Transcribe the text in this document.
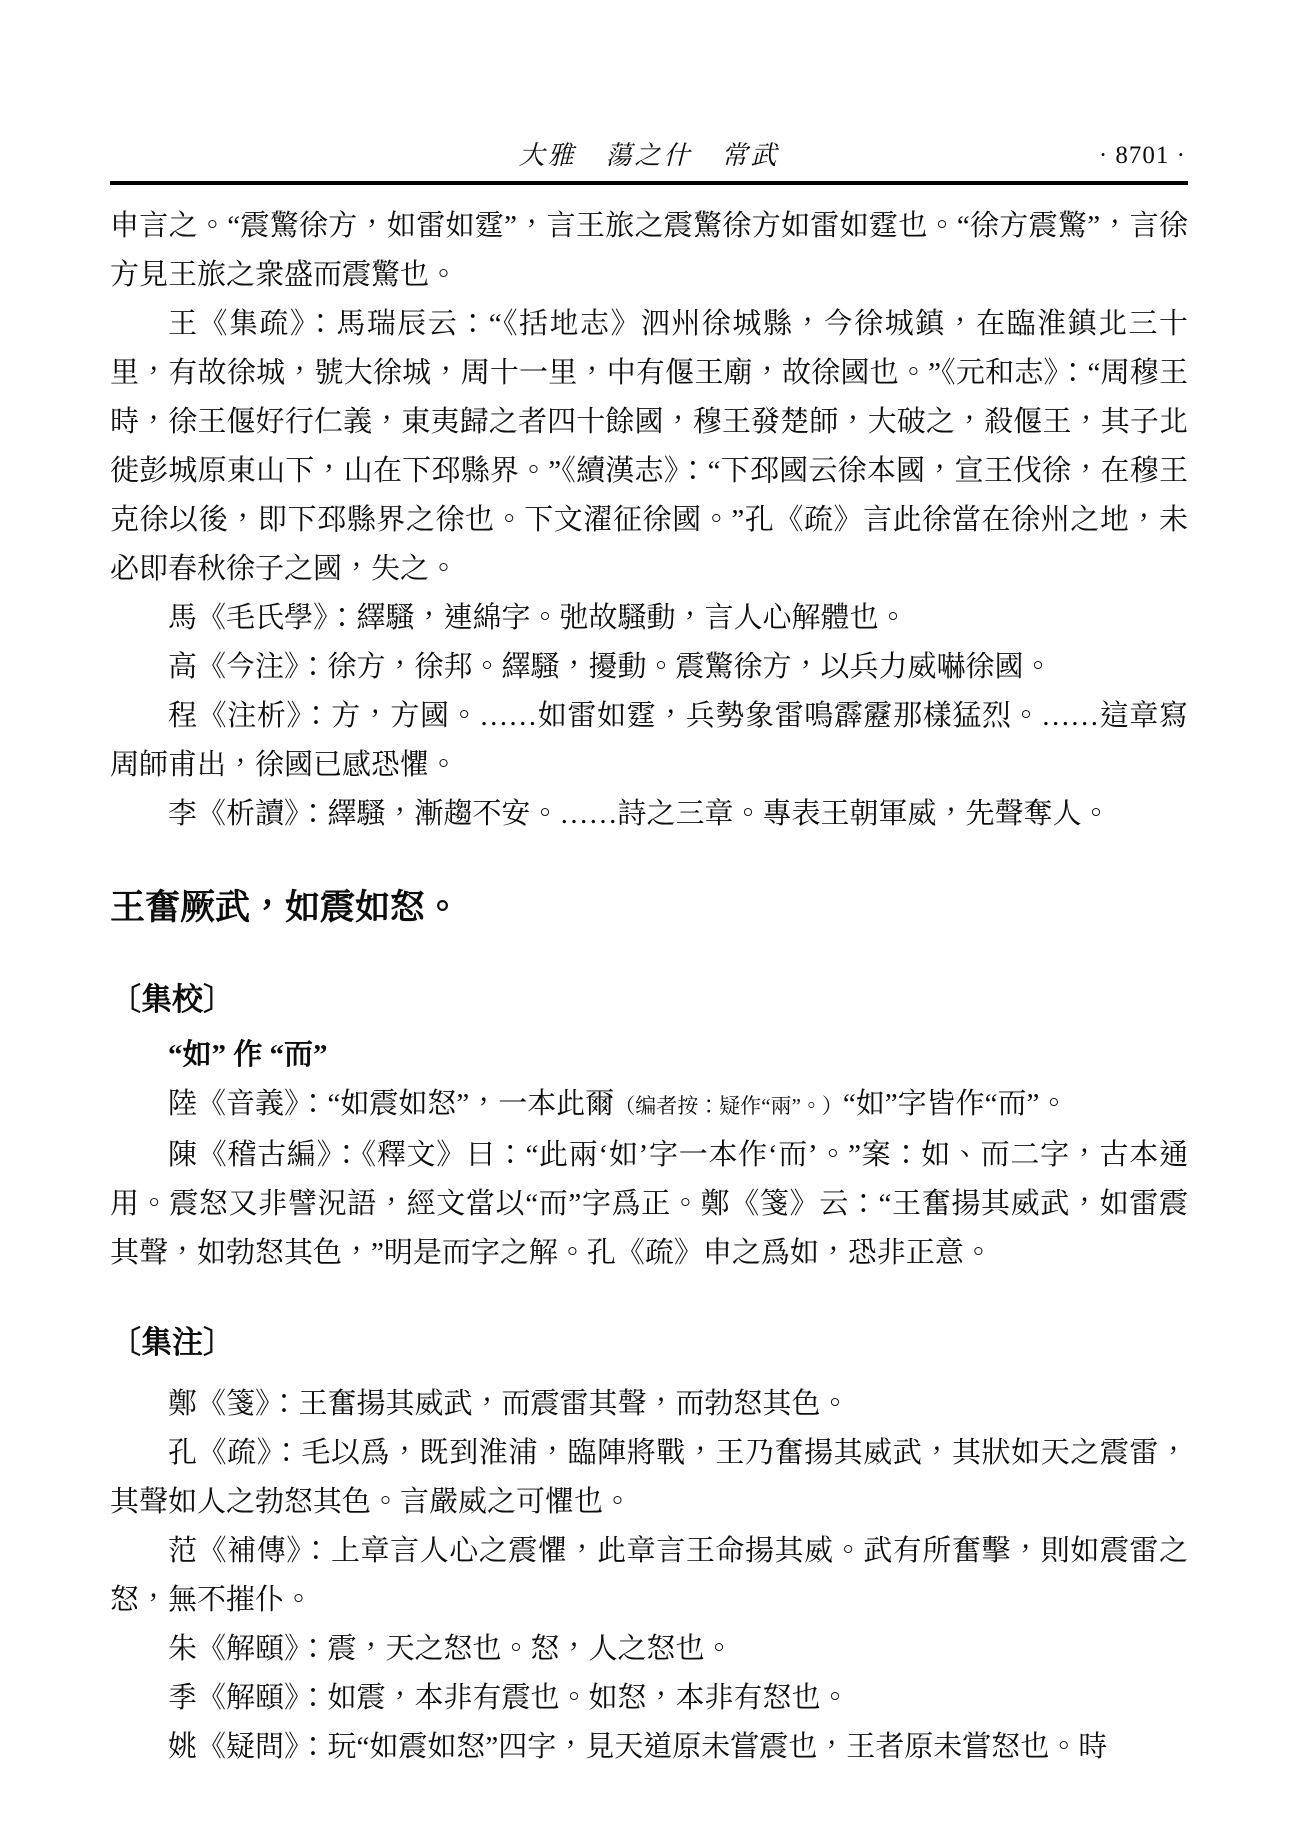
大雅　蕩之什　常武	· 8701 ·

申言之。“震驚徐方，如雷如霆”，言王旅之震驚徐方如雷如霆也。“徐方震驚”，言徐方見王旅之衆盛而震驚也。

王《集疏》：馬瑞辰云：“《括地志》泗州徐城縣，今徐城鎮，在臨淮鎮北三十里，有故徐城，號大徐城，周十一里，中有偃王廟，故徐國也。”《元和志》：“周穆王時，徐王偃好行仁義，東夷歸之者四十餘國，穆王發楚師，大破之，殺偃王，其子北徙彭城原東山下，山在下邳縣界。”《續漢志》：“下邳國云徐本國，宣王伐徐，在穆王克徐以後，即下邳縣界之徐也。下文濯征徐國。”孔《疏》言此徐當在徐州之地，未必即春秋徐子之國，失之。

馬《毛氏學》：繹騷，連綿字。弛故騷動，言人心解體也。

高《今注》：徐方，徐邦。繹騷，擾動。震驚徐方，以兵力威嚇徐國。

程《注析》：方，方國。……如雷如霆，兵勢象雷鳴霹靂那樣猛烈。……這章寫周師甫出，徐國已感恐懼。

李《析讀》：繹騷，漸趨不安。……詩之三章。專表王朝軍威，先聲奪人。

王奮厥武，如震如怒。
〔集校〕

“如” 作 “而”

陸《音義》：“如震如怒”，一本此爾（编者按：疑作“兩”。）“如”字皆作“而”。

陳《稽古編》：《釋文》曰：“此兩‘如’字一本作‘而’。”案：如、而二字，古本通用。震怒又非譬況語，經文當以“而”字爲正。鄭《箋》云：“王奮揚其威武，如雷震其聲，如勃怒其色，”明是而字之解。孔《疏》申之爲如，恐非正意。

〔集注〕

鄭《箋》：王奮揚其威武，而震雷其聲，而勃怒其色。

孔《疏》：毛以爲，既到淮浦，臨陣將戰，王乃奮揚其威武，其狀如天之震雷，其聲如人之勃怒其色。言嚴威之可懼也。

范《補傳》：上章言人心之震懼，此章言王命揚其威。武有所奮擊，則如震雷之怒，無不摧仆。

朱《解頤》：震，天之怒也。怒，人之怒也。

季《解頤》：如震，本非有震也。如怒，本非有怒也。

姚《疑問》：玩“如震如怒”四字，見天道原未嘗震也，王者原未嘗怒也。時
